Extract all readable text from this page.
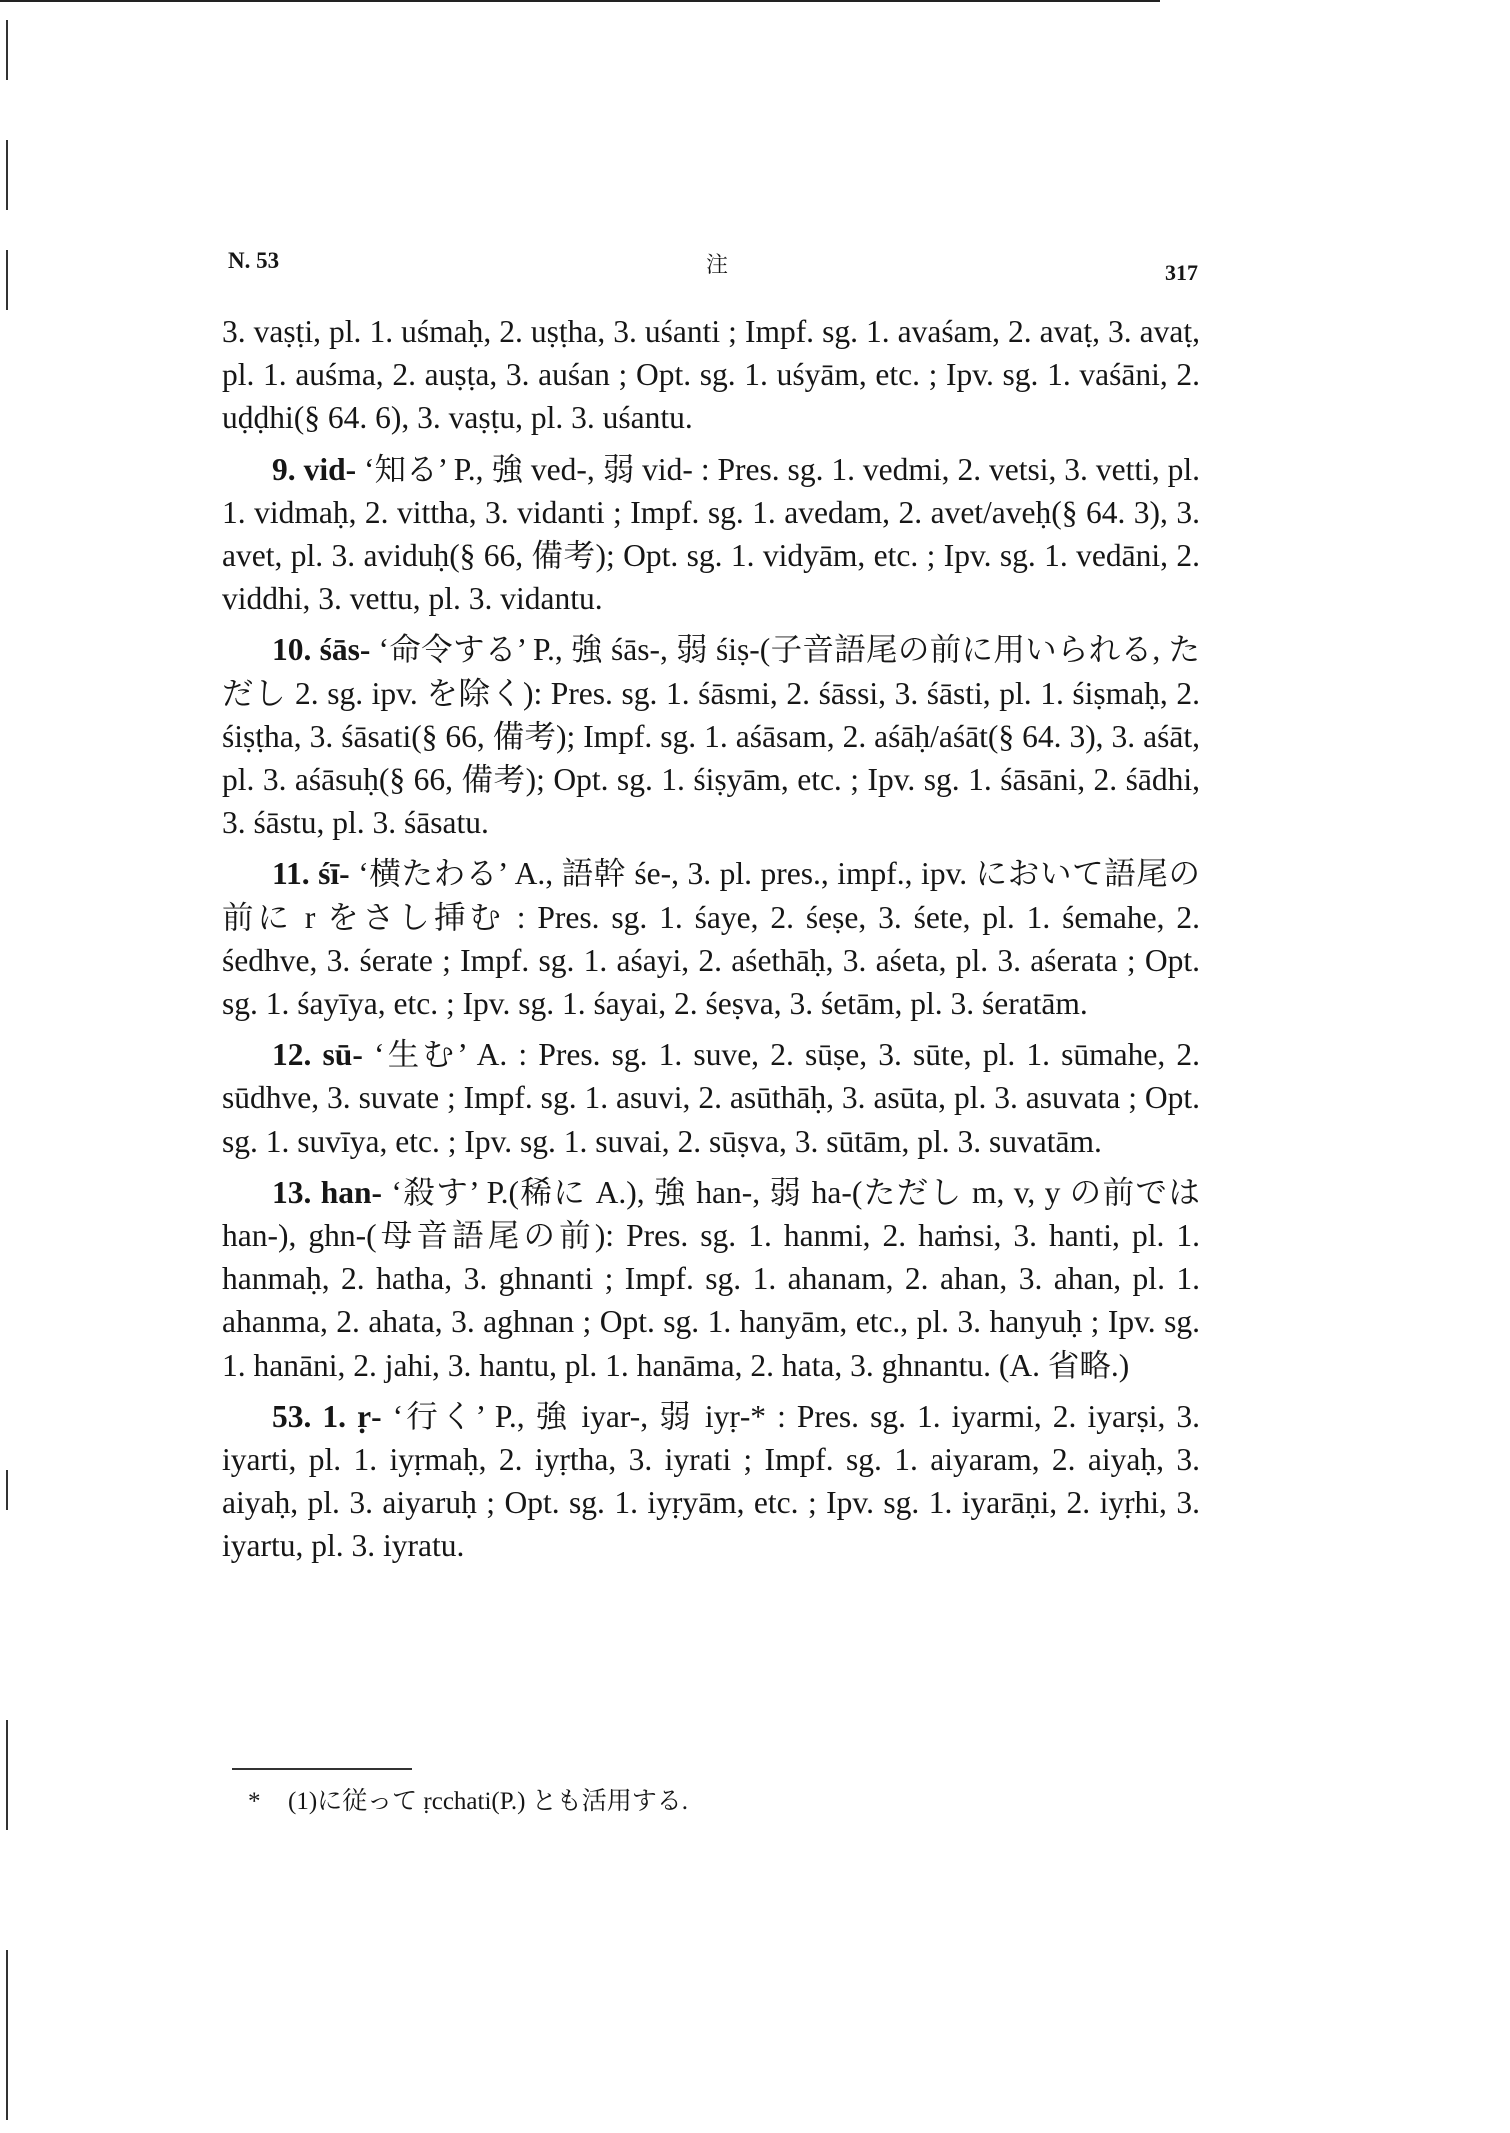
N. 53	注	317

3. vaṣṭi, pl. 1. uśmaḥ, 2. uṣṭha, 3. uśanti ; Impf. sg. 1. avaśam, 2. avaṭ, 3. avaṭ, pl. 1. auśma, 2. auṣṭa, 3. auśan ; Opt. sg. 1. uśyām, etc. ; Ipv. sg. 1. vaśāni, 2. uḍḍhi(§ 64. 6), 3. vaṣṭu, pl. 3. uśantu.

9. vid- ‘知る’ P., 強 ved-, 弱 vid- : Pres. sg. 1. vedmi, 2. vetsi, 3. vetti, pl. 1. vidmaḥ, 2. vittha, 3. vidanti ; Impf. sg. 1. avedam, 2. avet/aveḥ(§ 64. 3), 3. avet, pl. 3. aviduḥ(§ 66, 備考); Opt. sg. 1. vidyām, etc. ; Ipv. sg. 1. vedāni, 2. viddhi, 3. vettu, pl. 3. vidantu.

10. śās- ‘命令する’ P., 強 śās-, 弱 śiṣ-(子音語尾の前に用いられる, ただし 2. sg. ipv. を除く): Pres. sg. 1. śāsmi, 2. śāssi, 3. śāsti, pl. 1. śiṣmaḥ, 2. śiṣṭha, 3. śāsati(§ 66, 備考); Impf. sg. 1. aśāsam, 2. aśāḥ/aśāt(§ 64. 3), 3. aśāt, pl. 3. aśāsuḥ(§ 66, 備考); Opt. sg. 1. śiṣyām, etc. ; Ipv. sg. 1. śāsāni, 2. śādhi, 3. śāstu, pl. 3. śāsatu.

11. śī- ‘横たわる’ A., 語幹 śe-, 3. pl. pres., impf., ipv. において語尾の前に r をさし挿む : Pres. sg. 1. śaye, 2. śeṣe, 3. śete, pl. 1. śemahe, 2. śedhve, 3. śerate ; Impf. sg. 1. aśayi, 2. aśethāḥ, 3. aśeta, pl. 3. aśerata ; Opt. sg. 1. śayīya, etc. ; Ipv. sg. 1. śayai, 2. śeṣva, 3. śetām, pl. 3. śeratām.

12. sū- ‘生む’ A. : Pres. sg. 1. suve, 2. sūṣe, 3. sūte, pl. 1. sūmahe, 2. sūdhve, 3. suvate ; Impf. sg. 1. asuvi, 2. asūthāḥ, 3. asūta, pl. 3. asuvata ; Opt. sg. 1. suvīya, etc. ; Ipv. sg. 1. suvai, 2. sūṣva, 3. sūtām, pl. 3. suvatām.

13. han- ‘殺す’ P.(稀に A.), 強 han-, 弱 ha-(ただし m, v, y の前では han-), ghn-(母音語尾の前): Pres. sg. 1. hanmi, 2. haṁsi, 3. hanti, pl. 1. hanmaḥ, 2. hatha, 3. ghnanti ; Impf. sg. 1. ahanam, 2. ahan, 3. ahan, pl. 1. ahanma, 2. ahata, 3. aghnan ; Opt. sg. 1. hanyām, etc., pl. 3. hanyuḥ ; Ipv. sg. 1. hanāni, 2. jahi, 3. hantu, pl. 1. hanāma, 2. hata, 3. ghnantu. (A. 省略.)

53. 1. ṛ- ‘行く’ P., 強 iyar-, 弱 iyṛ-* : Pres. sg. 1. iyarmi, 2. iyarṣi, 3. iyarti, pl. 1. iyṛmaḥ, 2. iyṛtha, 3. iyrati ; Impf. sg. 1. aiyaram, 2. aiyaḥ, 3. aiyaḥ, pl. 3. aiyaruḥ ; Opt. sg. 1. iyṛyām, etc. ; Ipv. sg. 1. iyarāṇi, 2. iyṛhi, 3. iyartu, pl. 3. iyratu.

* (1)に従って ṛcchati(P.) とも活用する.
